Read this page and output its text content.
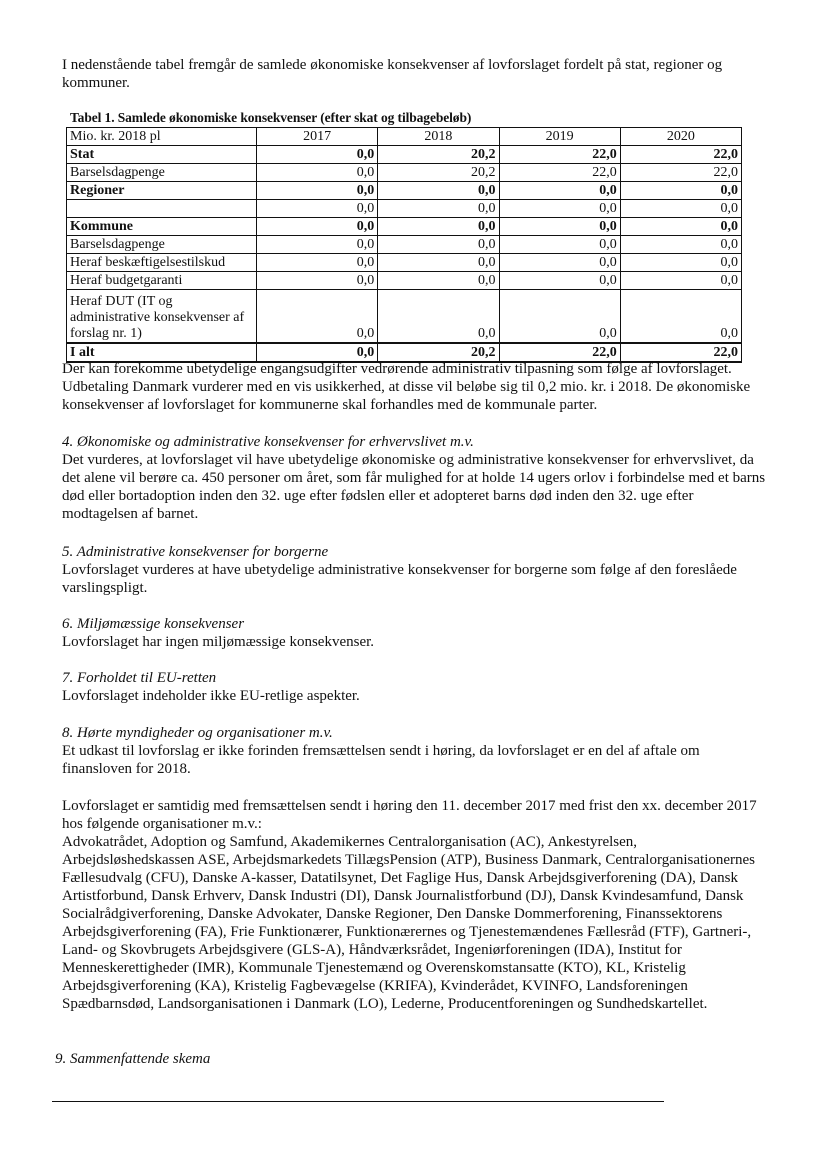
I nedenstående tabel fremgår de samlede økonomiske konsekvenser af lovforslaget fordelt på stat, regioner og kommuner.

Tabel 1. Samlede økonomiske konsekvenser (efter skat og tilbagebeløb)
Mio. kr. 2018 pl	2017	2018	2019	2020
Stat	0,0	20,2	22,0	22,0
Barselsdagpenge	0,0	20,2	22,0	22,0
Regioner	0,0	0,0	0,0	0,0
	0,0	0,0	0,0	0,0
Kommune	0,0	0,0	0,0	0,0
Barselsdagpenge	0,0	0,0	0,0	0,0
Heraf beskæftigelsestilskud	0,0	0,0	0,0	0,0
Heraf budgetgaranti	0,0	0,0	0,0	0,0
Heraf DUT (IT og administrative konsekvenser af forslag nr. 1)	0,0	0,0	0,0	0,0
I alt	0,0	20,2	22,0	22,0

Der kan forekomme ubetydelige engangsudgifter vedrørende administrativ tilpasning som følge af lovforslaget. Udbetaling Danmark vurderer med en vis usikkerhed, at disse vil beløbe sig til 0,2 mio. kr. i 2018. De økonomiske konsekvenser af lovforslaget for kommunerne skal forhandles med de kommunale parter.

4. Økonomiske og administrative konsekvenser for erhvervslivet m.v.

Det vurderes, at lovforslaget vil have ubetydelige økonomiske og administrative konsekvenser for erhvervslivet, da det alene vil berøre ca. 450 personer om året, som får mulighed for at holde 14 ugers orlov i forbindelse med et barns død eller bortadoption inden den 32. uge efter fødslen eller et adopteret barns død inden den 32. uge efter modtagelsen af barnet.

5. Administrative konsekvenser for borgerne

Lovforslaget vurderes at have ubetydelige administrative konsekvenser for borgerne som følge af den foreslåede varslingspligt.

6. Miljømæssige konsekvenser

Lovforslaget har ingen miljømæssige konsekvenser.

7. Forholdet til EU-retten

Lovforslaget indeholder ikke EU-retlige aspekter.

8. Hørte myndigheder og organisationer m.v.

Et udkast til lovforslag er ikke forinden fremsættelsen sendt i høring, da lovforslaget er en del af aftale om finansloven for 2018.

Lovforslaget er samtidig med fremsættelsen sendt i høring den 11. december 2017 med frist den xx. december 2017 hos følgende organisationer m.v.:

Advokatrådet, Adoption og Samfund, Akademikernes Centralorganisation (AC), Ankestyrelsen, Arbejdsløshedskassen ASE, Arbejdsmarkedets TillægsPension (ATP), Business Danmark, Centralorganisationernes Fællesudvalg (CFU), Danske A-kasser, Datatilsynet, Det Faglige Hus, Dansk Arbejdsgiverforening (DA), Dansk Artistforbund, Dansk Erhverv, Dansk Industri (DI), Dansk Journalistforbund (DJ), Dansk Kvindesamfund, Dansk Socialrådgiverforening, Danske Advokater, Danske Regioner, Den Danske Dommerforening, Finanssektorens Arbejdsgiverforening (FA), Frie Funktionærer, Funktionærernes og Tjenestemændenes Fællesråd (FTF), Gartneri-, Land- og Skovbrugets Arbejdsgivere (GLS-A), Håndværksrådet, Ingeniørforeningen (IDA), Institut for Menneskerettigheder (IMR), Kommunale Tjenestemænd og Overenskomstansatte (KTO), KL, Kristelig Arbejdsgiverforening (KA), Kristelig Fagbevægelse (KRIFA), Kvinderådet, KVINFO, Landsforeningen Spædbarnsdød, Landsorganisationen i Danmark (LO), Lederne, Producentforeningen og Sundhedskartellet.

9. Sammenfattende skema
